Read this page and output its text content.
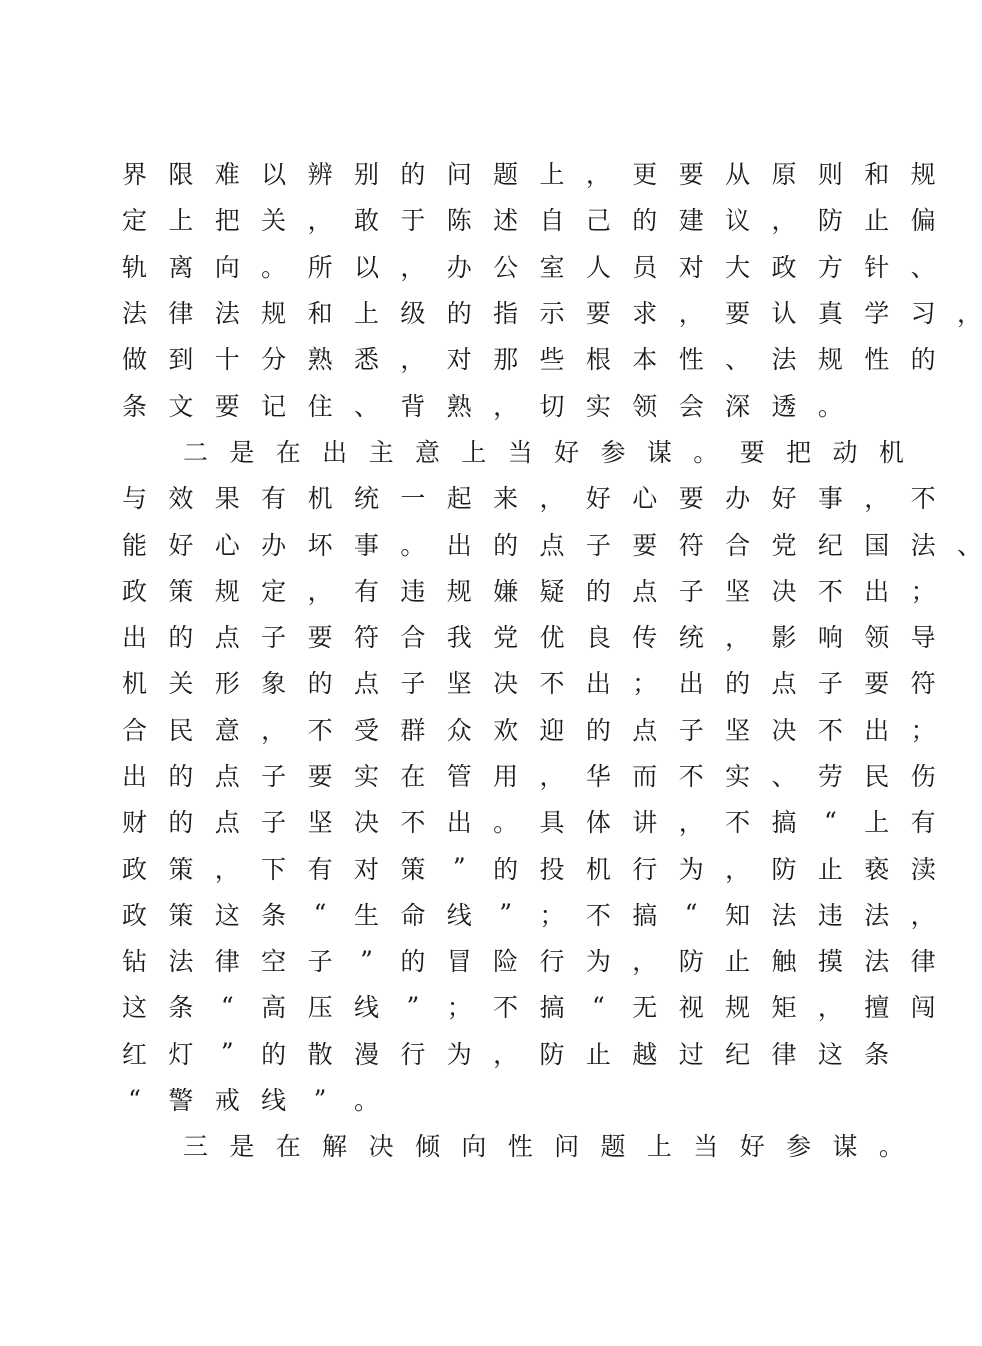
界 限 难 以 辨 别 的 问 题 上 ， 更 要 从 原 则 和 规
定 上 把 关 ， 敢 于 陈 述 自 己 的 建 议 ， 防 止 偏
轨 离 向 。 所 以 ， 办 公 室 人 员 对 大 政 方 针 、
法 律 法 规 和 上 级 的 指 示 要 求 ， 要 认 真 学 习 ，
做 到 十 分 熟 悉 ， 对 那 些 根 本 性 、 法 规 性 的
条 文 要 记 住 、 背 熟 ， 切 实 领 会 深 透 。
二 是 在 出 主 意 上 当 好 参 谋 。 要 把 动 机
与 效 果 有 机 统 一 起 来 ， 好 心 要 办 好 事 ， 不
能 好 心 办 坏 事 。 出 的 点 子 要 符 合 党 纪 国 法 、
政 策 规 定 ， 有 违 规 嫌 疑 的 点 子 坚 决 不 出 ；
出 的 点 子 要 符 合 我 党 优 良 传 统 ， 影 响 领 导
机 关 形 象 的 点 子 坚 决 不 出 ； 出 的 点 子 要 符
合 民 意 ， 不 受 群 众 欢 迎 的 点 子 坚 决 不 出 ；
出 的 点 子 要 实 在 管 用 ， 华 而 不 实 、 劳 民 伤
财 的 点 子 坚 决 不 出 。 具 体 讲 ， 不 搞 “ 上 有
政 策 ， 下 有 对 策 ” 的 投 机 行 为 ， 防 止 亵 渎
政 策 这 条 “ 生 命 线 ” ； 不 搞 “ 知 法 违 法 ，
钻 法 律 空 子 ” 的 冒 险 行 为 ， 防 止 触 摸 法 律
这 条 “ 高 压 线 ” ； 不 搞 “ 无 视 规 矩 ， 擅 闯
红 灯 ” 的 散 漫 行 为 ， 防 止 越 过 纪 律 这 条
“ 警 戒 线 ” 。
三 是 在 解 决 倾 向 性 问 题 上 当 好 参 谋 。
